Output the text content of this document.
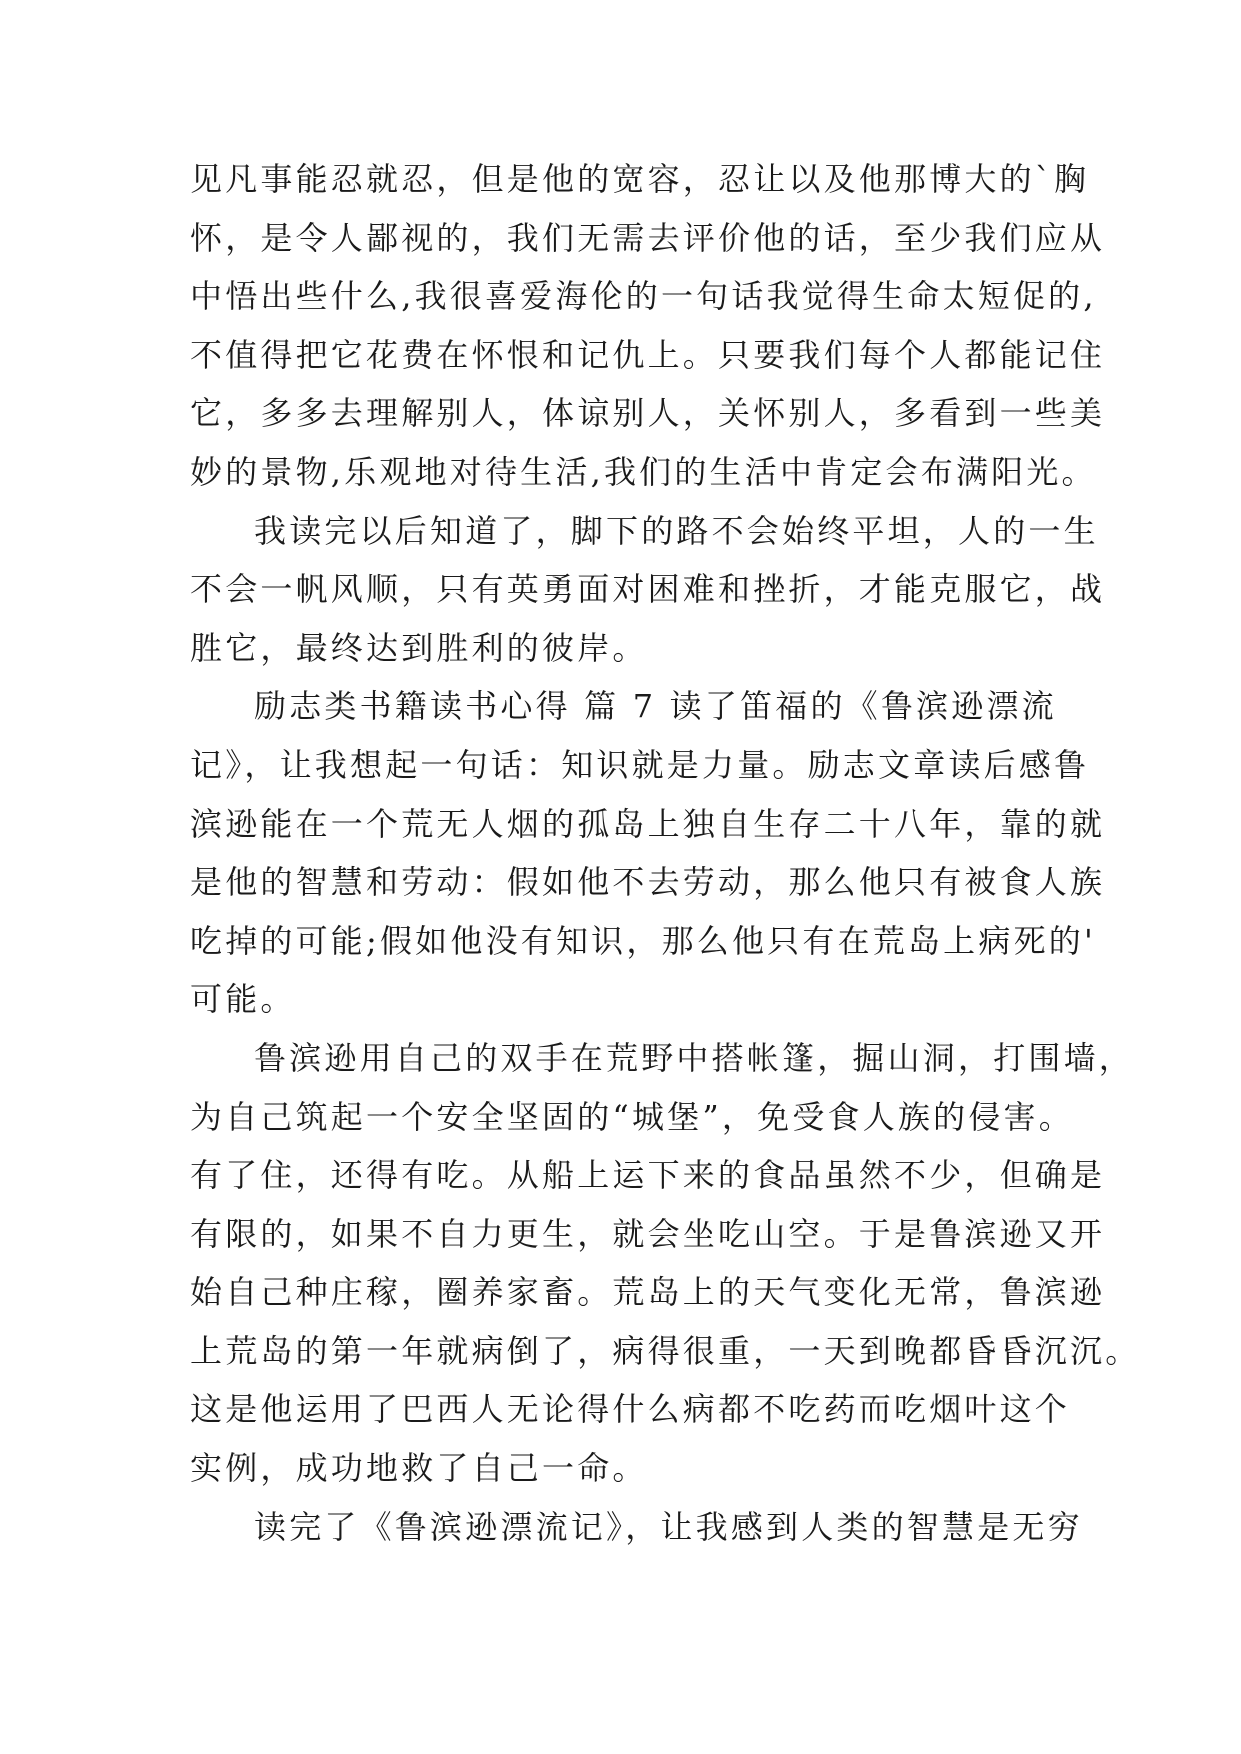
见凡事能忍就忍，但是他的宽容，忍让以及他那博大的`胸
怀，是令人鄙视的，我们无需去评价他的话，至少我们应从
中悟出些什么,我很喜爱海伦的一句话我觉得生命太短促的,
不值得把它花费在怀恨和记仇上。只要我们每个人都能记住
它，多多去理解别人，体谅别人，关怀别人，多看到一些美
妙的景物,乐观地对待生活,我们的生活中肯定会布满阳光。
我读完以后知道了，脚下的路不会始终平坦，人的一生
不会一帆风顺，只有英勇面对困难和挫折，才能克服它，战
胜它，最终达到胜利的彼岸。
励志类书籍读书心得 篇 7 读了笛福的《鲁滨逊漂流
记》，让我想起一句话：知识就是力量。励志文章读后感鲁
滨逊能在一个荒无人烟的孤岛上独自生存二十八年，靠的就
是他的智慧和劳动：假如他不去劳动，那么他只有被食人族
吃掉的可能;假如他没有知识，那么他只有在荒岛上病死的'
可能。
鲁滨逊用自己的双手在荒野中搭帐篷，掘山洞，打围墙，
为自己筑起一个安全坚固的“城堡”，免受食人族的侵害。
有了住，还得有吃。从船上运下来的食品虽然不少，但确是
有限的，如果不自力更生，就会坐吃山空。于是鲁滨逊又开
始自己种庄稼，圈养家畜。荒岛上的天气变化无常，鲁滨逊
上荒岛的第一年就病倒了，病得很重，一天到晚都昏昏沉沉。
这是他运用了巴西人无论得什么病都不吃药而吃烟叶这个
实例，成功地救了自己一命。
读完了《鲁滨逊漂流记》，让我感到人类的智慧是无穷
